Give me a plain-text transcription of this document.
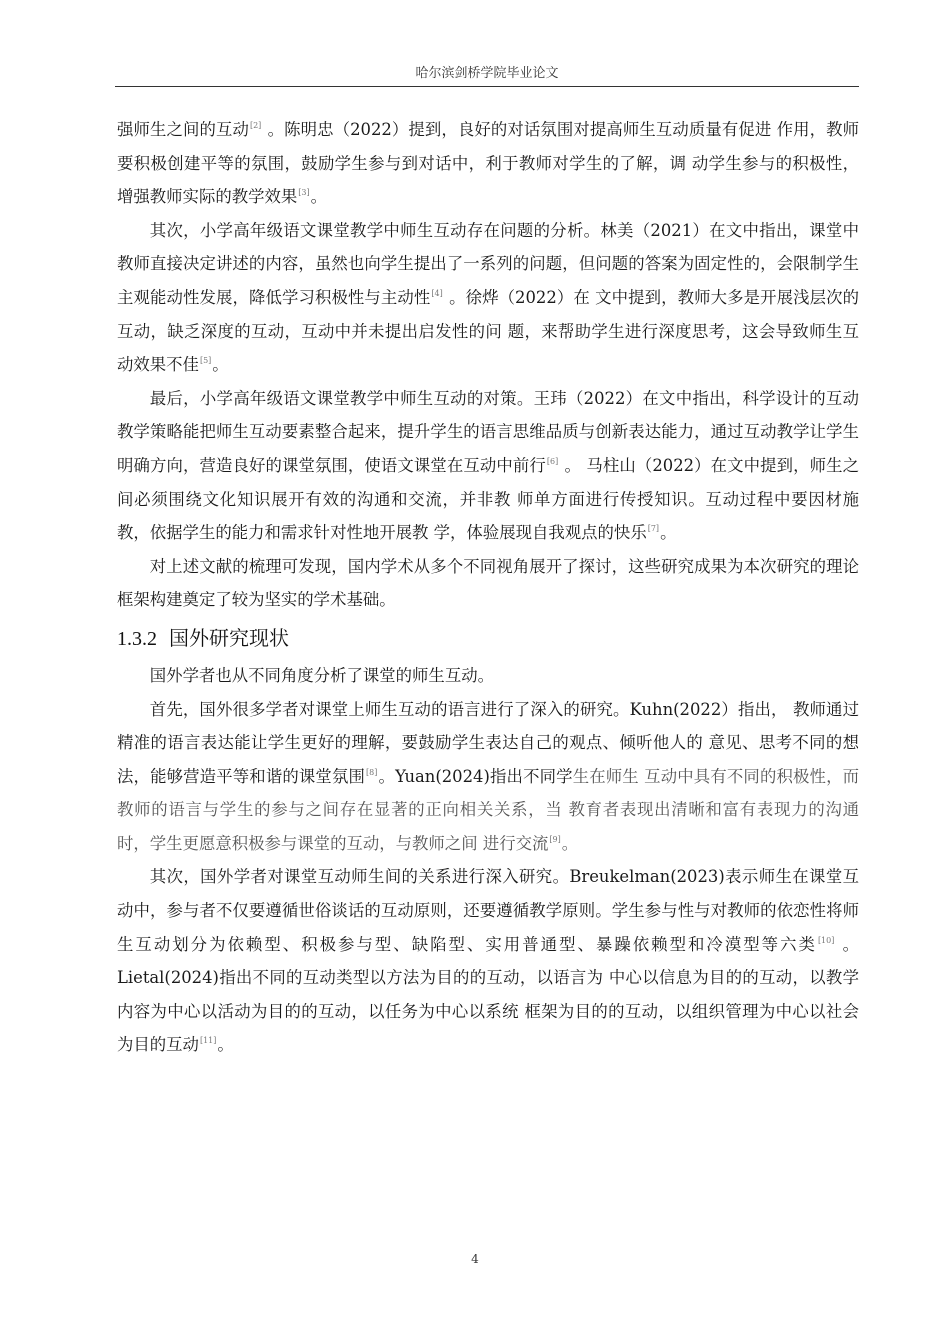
哈尔滨剑桥学院毕业论文

强师生之间的互动[2] 。陈明忠（2022）提到，良好的对话氛围对提高师生互动质量有促进 作用，教师要积极创建平等的氛围，鼓励学生参与到对话中，利于教师对学生的了解，调 动学生参与的积极性，增强教师实际的教学效果[3]。

其次，小学高年级语文课堂教学中师生互动存在问题的分析。林美（2021）在文中指出，课堂中教师直接决定讲述的内容，虽然也向学生提出了一系列的问题，但问题的答案为固定性的，会限制学生主观能动性发展，降低学习积极性与主动性[4] 。徐烨（2022）在 文中提到，教师大多是开展浅层次的互动，缺乏深度的互动，互动中并未提出启发性的问 题，来帮助学生进行深度思考，这会导致师生互动效果不佳[5]。

最后，小学高年级语文课堂教学中师生互动的对策。王玮（2022）在文中指出，科学设计的互动教学策略能把师生互动要素整合起来，提升学生的语言思维品质与创新表达能力，通过互动教学让学生明确方向，营造良好的课堂氛围，使语文课堂在互动中前行[6] 。 马柱山（2022）在文中提到，师生之间必须围绕文化知识展开有效的沟通和交流，并非教 师单方面进行传授知识。互动过程中要因材施教，依据学生的能力和需求针对性地开展教 学，体验展现自我观点的快乐[7]。

对上述文献的梳理可发现，国内学术从多个不同视角展开了探讨，这些研究成果为本次研究的理论框架构建奠定了较为坚实的学术基础。

1.3.2 国外研究现状

国外学者也从不同角度分析了课堂的师生互动。

首先，国外很多学者对课堂上师生互动的语言进行了深入的研究。Kuhn(2022）指出， 教师通过精准的语言表达能让学生更好的理解，要鼓励学生表达自己的观点、倾听他人的 意见、思考不同的想法，能够营造平等和谐的课堂氛围[8]。Yuan(2024)指出不同学生在师生 互动中具有不同的积极性，而教师的语言与学生的参与之间存在显著的正向相关关系，当 教育者表现出清晰和富有表现力的沟通时，学生更愿意积极参与课堂的互动，与教师之间 进行交流[9]。

其次，国外学者对课堂互动师生间的关系进行深入研究。Breukelman(2023)表示师生在课堂互动中，参与者不仅要遵循世俗谈话的互动原则，还要遵循教学原则。学生参与性与对教师的依恋性将师生互动划分为依赖型、积极参与型、缺陷型、实用普通型、暴躁依赖型和冷漠型等六类[10] 。Lietal(2024)指出不同的互动类型以方法为目的的互动，以语言为 中心以信息为目的的互动，以教学内容为中心以活动为目的的互动，以任务为中心以系统 框架为目的的互动，以组织管理为中心以社会为目的互动[11]。

4
